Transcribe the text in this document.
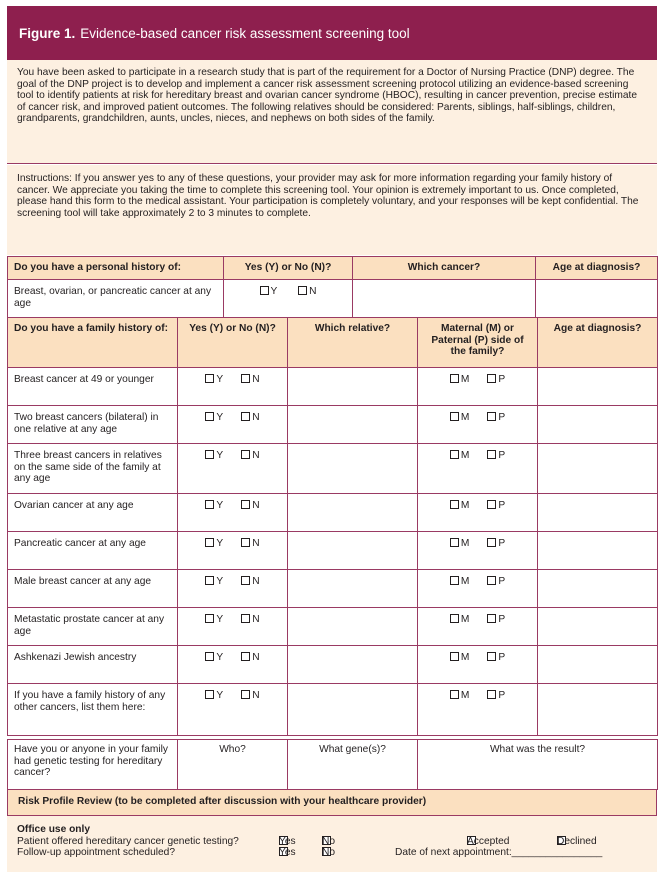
Figure 1. Evidence-based cancer risk assessment screening tool
You have been asked to participate in a research study that is part of the requirement for a Doctor of Nursing Practice (DNP) degree. The goal of the DNP project is to develop and implement a cancer risk assessment screening protocol utilizing an evidence-based screening tool to identify patients at risk for hereditary breast and ovarian cancer syndrome (HBOC), resulting in cancer prevention, precise estimate of cancer risk, and improved patient outcomes. The following relatives should be considered: Parents, siblings, half-siblings, children, grandparents, grandchildren, aunts, uncles, nieces, and nephews on both sides of the family.
Instructions: If you answer yes to any of these questions, your provider may ask for more information regarding your family history of cancer. We appreciate you taking the time to complete this screening tool. Your opinion is extremely important to us. Once completed, please hand this form to the medical assistant. Your participation is completely voluntary, and your responses will be kept confidential. The screening tool will take approximately 2 to 3 minutes to complete.
Do you have a personal history of:	Yes (Y) or No (N)?	Which cancer?	Age at diagnosis?
Breast, ovarian, or pancreatic cancer at any age	Y N		
Do you have a family history of:	Yes (Y) or No (N)?	Which relative?	Maternal (M) or Paternal (P) side of the family?	Age at diagnosis?
Breast cancer at 49 or younger	Y N		M P	
Two breast cancers (bilateral) in one relative at any age	Y N		M P	
Three breast cancers in relatives on the same side of the family at any age	Y N		M P	
Ovarian cancer at any age	Y N		M P	
Pancreatic cancer at any age	Y N		M P	
Male breast cancer at any age	Y N		M P	
Metastatic prostate cancer at any age	Y N		M P	
Ashkenazi Jewish ancestry	Y N		M P	
If you have a family history of any other cancers, list them here:	Y N		M P	
Have you or anyone in your family had genetic testing for hereditary cancer?	Who?	What gene(s)?	What was the result?
Risk Profile Review (to be completed after discussion with your healthcare provider)
Office use only
Patient offered hereditary cancer genetic testing?	Yes	No	Accepted	Declined
Follow-up appointment scheduled?	Yes	No	Date of next appointment:________________
